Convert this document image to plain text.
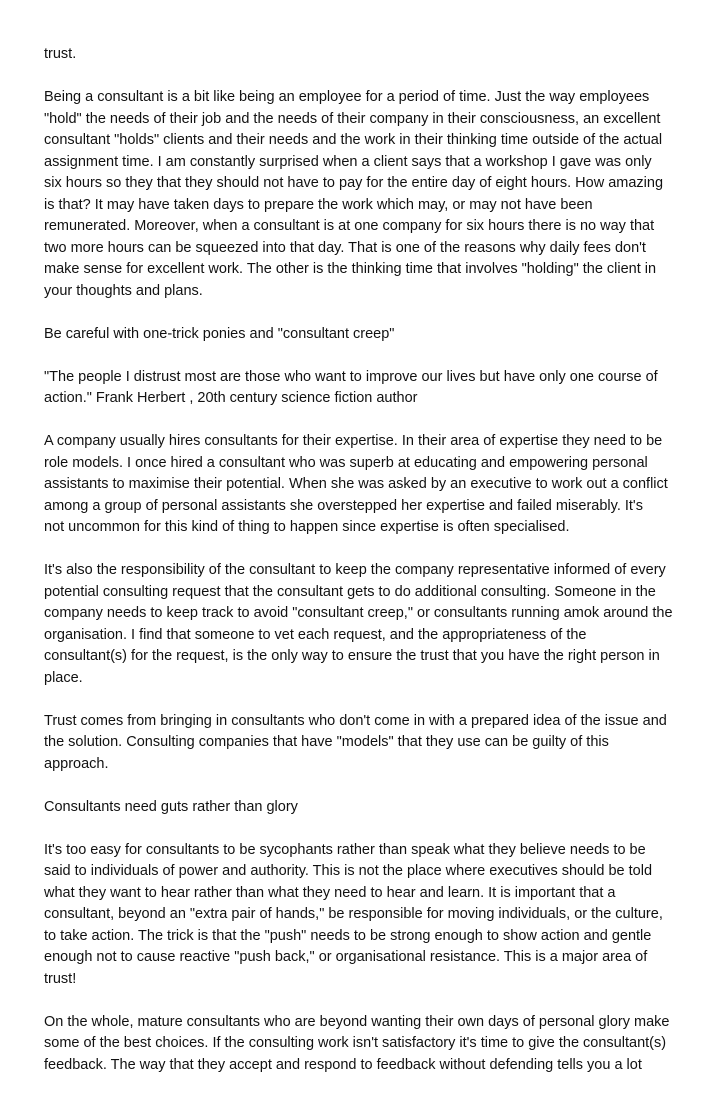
trust.

Being a consultant is a bit like being an employee for a period of time. Just the way employees
"hold" the needs of their job and the needs of their company in their consciousness, an excellent
consultant "holds" clients and their needs and the work in their thinking time outside of the actual
assignment time. I am constantly surprised when a client says that a workshop I gave was only
six hours so they that they should not have to pay for the entire day of eight hours. How amazing
is that? It may have taken days to prepare the work which may, or may not have been
remunerated. Moreover, when a consultant is at one company for six hours there is no way that
two more hours can be squeezed into that day. That is one of the reasons why daily fees don't
make sense for excellent work. The other is the thinking time that involves "holding" the client in
your thoughts and plans.

Be careful with one-trick ponies and "consultant creep"

"The people I distrust most are those who want to improve our lives but have only one course of
action." Frank Herbert , 20th century science fiction author

A company usually hires consultants for their expertise. In their area of expertise they need to be
role models. I once hired a consultant who was superb at educating and empowering personal
assistants to maximise their potential. When she was asked by an executive to work out a conflict
among a group of personal assistants she overstepped her expertise and failed miserably. It's
not uncommon for this kind of thing to happen since expertise is often specialised.

It's also the responsibility of the consultant to keep the company representative informed of every
potential consulting request that the consultant gets to do additional consulting. Someone in the
company needs to keep track to avoid "consultant creep," or consultants running amok around the
organisation. I find that someone to vet each request, and the appropriateness of the
consultant(s) for the request, is the only way to ensure the trust that you have the right person in
place.

Trust comes from bringing in consultants who don't come in with a prepared idea of the issue and
the solution. Consulting companies that have "models" that they use can be guilty of this
approach.

Consultants need guts rather than glory

It's too easy for consultants to be sycophants rather than speak what they believe needs to be
said to individuals of power and authority. This is not the place where executives should be told
what they want to hear rather than what they need to hear and learn. It is important that a
consultant, beyond an "extra pair of hands," be responsible for moving individuals, or the culture,
to take action. The trick is that the "push" needs to be strong enough to show action and gentle
enough not to cause reactive "push back," or organisational resistance. This is a major area of
trust!

On the whole, mature consultants who are beyond wanting their own days of personal glory make
some of the best choices. If the consulting work isn't satisfactory it's time to give the consultant(s)
feedback. The way that they accept and respond to feedback without defending tells you a lot
